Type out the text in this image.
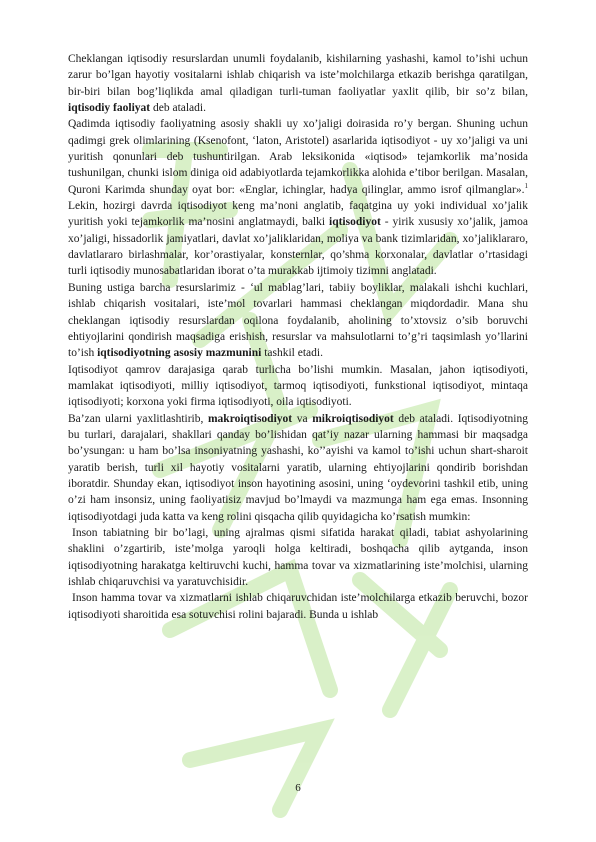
Cheklangan iqtisodiy resurslardan unumli foydalanib, kishilarning yashashi, kamol to’ishi uchun zarur bo’lgan hayotiy vositalarni ishlab chiqarish va iste’molchilarga etkazib berishga qaratilgan, bir-biri bilan bog’liqlikda amal qiladigan turli-tuman faoliyatlar yaxlit qilib, bir so’z bilan, iqtisodiy faoliyat deb ataladi.

Qadimda iqtisodiy faoliyatning asosiy shakli uy xo’jaligi doirasida ro’y bergan. Shuning uchun qadimgi grek olimlarining (Ksenofont, ‘laton, Aristotel) asarlarida iqtisodiyot - uy xo’jaligi va uni yuritish qonunlari deb tushuntirilgan. Arab leksikonida «iqtisod» tejamkorlik ma’nosida tushunilgan, chunki islom diniga oid adabiyotlarda tejamkorlikka alohida e’tibor berilgan. Masalan, Quroni Karimda shunday oyat bor: «Englar, ichinglar, hadya qilinglar, ammo isrof qilmanglar».$^1$ Lekin, hozirgi davrda iqtisodiyot keng ma’noni anglatib, faqatgina uy yoki individual xo’jalik yuritish yoki tejamkorlik ma’nosini anglatmaydi, balki iqtisodiyot - yirik xususiy xo’jalik, jamoa xo’jaligi, hissadorlik jamiyatlari, davlat xo’jaliklaridan, moliya va bank tizimlaridan, xo’jaliklararo, davlatlararo birlashmalar, kor’orastiyalar, konsternlar, qo’shma korxonalar, davlatlar o’rtasidagi turli iqtisodiy munosabatlaridan iborat o’ta murakkab ijtimoiy tizimni anglatadi.

Buning ustiga barcha resurslarimiz - ‘ul mablag’lari, tabiiy boyliklar, malakali ishchi kuchlari, ishlab chiqarish vositalari, iste’mol tovarlari hammasi cheklangan miqdordadir. Mana shu cheklangan iqtisodiy resurslardan oqilona foydalanib, aholining to’xtovsiz o’sib boruvchi ehtiyojlarini qondirish maqsadiga erishish, resurslar va mahsulotlarni to’g’ri taqsimlash yo’llarini to’ish iqtisodiyotning asosiy mazmunini tashkil etadi.

Iqtisodiyot qamrov darajasiga qarab turlicha bo’lishi mumkin. Masalan, jahon iqtisodiyoti, mamlakat iqtisodiyoti, milliy iqtisodiyot, tarmoq iqtisodiyoti, funkstional iqtisodiyot, mintaqa iqtisodiyoti; korxona yoki firma iqtisodiyoti, oila iqtisodiyoti.

Ba’zan ularni yaxlitlashtirib, makroiqtisodiyot va mikroiqtisodiyot deb ataladi. Iqtisodiyotning bu turlari, darajalari, shakllari qanday bo’lishidan qat’iy nazar ularning hammasi bir maqsadga bo’ysungan: u ham bo’lsa insoniyatning yashashi, ko’’ayishi va kamol to’ishi uchun shart-sharoit yaratib berish, turli xil hayotiy vositalarni yaratib, ularning ehtiyojlarini qondirib borishdan iboratdir. Shunday ekan, iqtisodiyot inson hayotining asosini, uning ‘oydevorini tashkil etib, uning o’zi ham insonsiz, uning faoliyatisiz mavjud bo’lmaydi va mazmunga ham ega emas. Insonning iqtisodiyotdagi juda katta va keng rolini qisqacha qilib quyidagicha ko’rsatish mumkin:

Inson tabiatning bir bo’lagi, uning ajralmas qismi sifatida harakat qiladi, tabiat ashyolarining shaklini o’zgartirib, iste’molga yaroqli holga keltiradi, boshqacha qilib aytganda, inson iqtisodiyotning harakatga keltiruvchi kuchi, hamma tovar va xizmatlarining iste’molchisi, ularning ishlab chiqaruvchisi va yaratuvchisidir.

Inson hamma tovar va xizmatlarni ishlab chiqaruvchidan iste’molchilarga etkazib beruvchi, bozor iqtisodiyoti sharoitida esa sotuvchisi rolini bajaradi. Bunda u ishlab

6
